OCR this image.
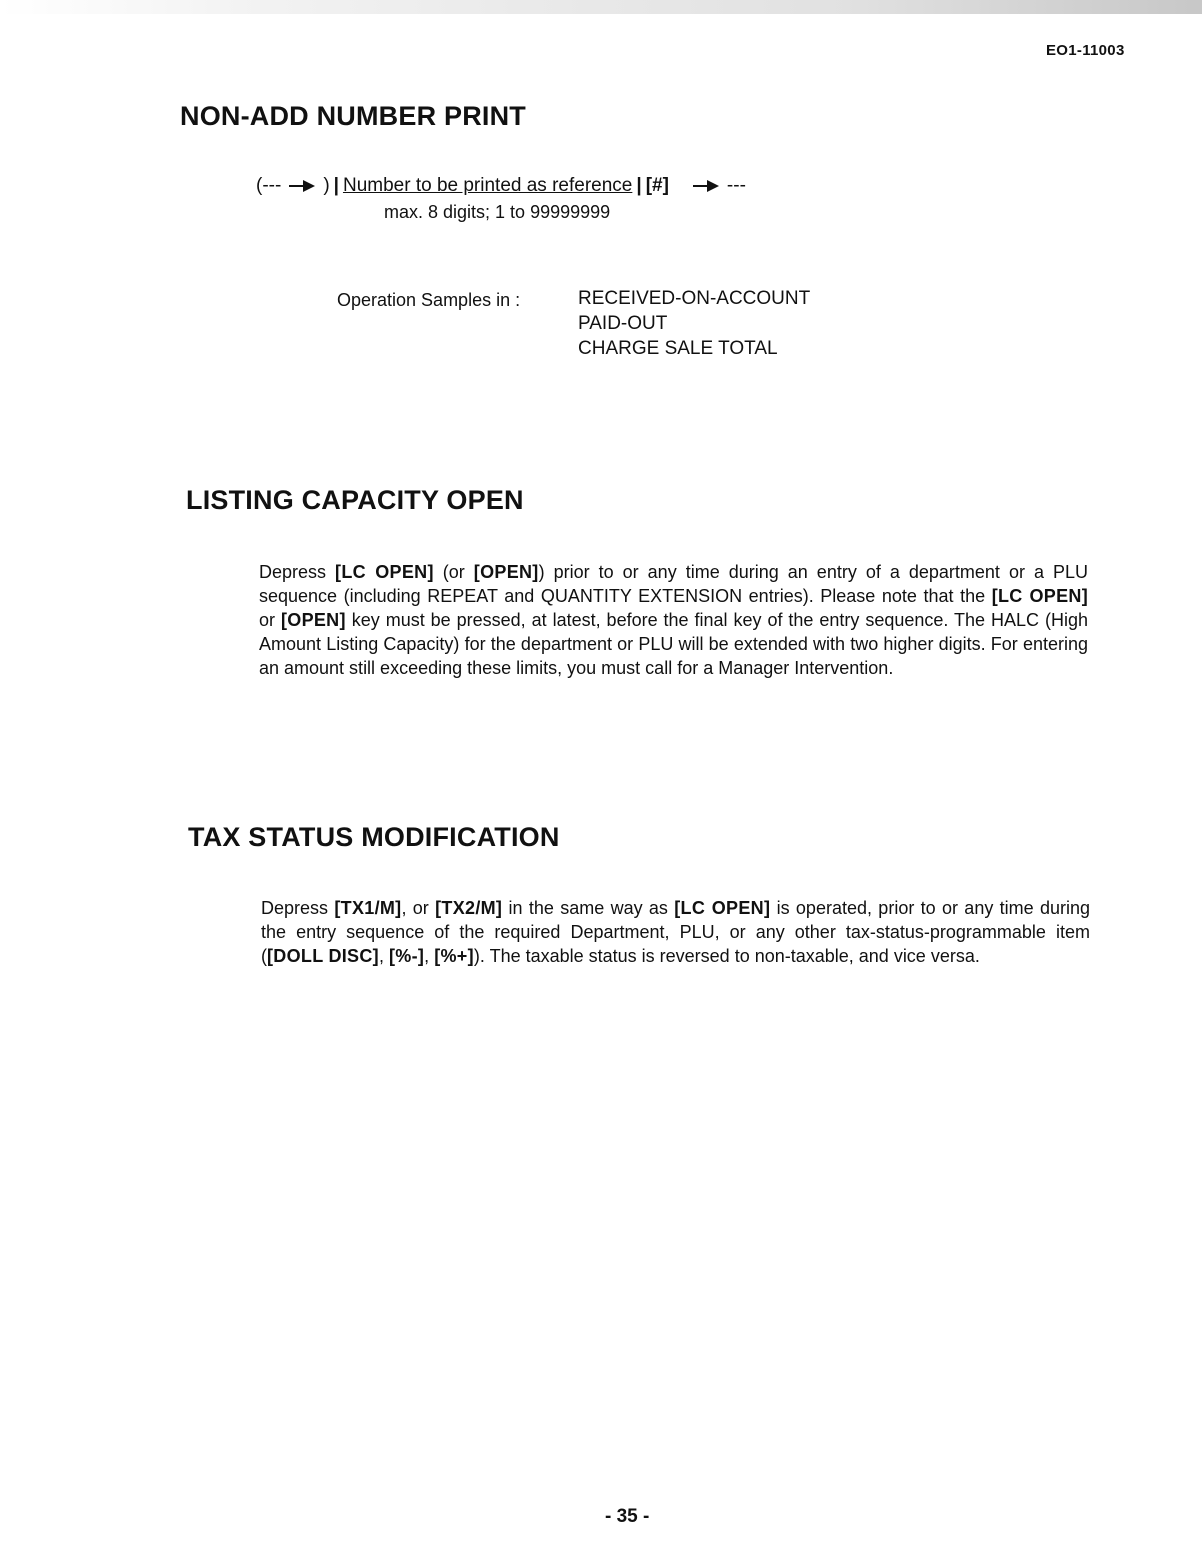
EO1-11003
NON-ADD NUMBER PRINT
(--- ) | Number to be printed as reference | [#]	---
max. 8 digits; 1 to 99999999
Operation Samples in :	RECEIVED-ON-ACCOUNT
PAID-OUT
CHARGE SALE TOTAL
LISTING CAPACITY OPEN

Depress [LC OPEN] (or [OPEN]) prior to or any time during an entry of a department or a PLU sequence (including REPEAT and QUANTITY EXTENSION entries). Please note that the [LC OPEN] or [OPEN] key must be pressed, at latest, before the final key of the entry sequence. The HALC (High Amount Listing Capacity) for the department or PLU will be extended with two higher digits. For entering an amount still exceeding these limits, you must call for a Manager Intervention.

TAX STATUS MODIFICATION

Depress [TX1/M], or [TX2/M] in the same way as [LC OPEN] is operated, prior to or any time during the entry sequence of the required Department, PLU, or any other tax-status-programmable item ([DOLL DISC], [%-], [%+]). The taxable status is reversed to non-taxable, and vice versa.

- 35 -
